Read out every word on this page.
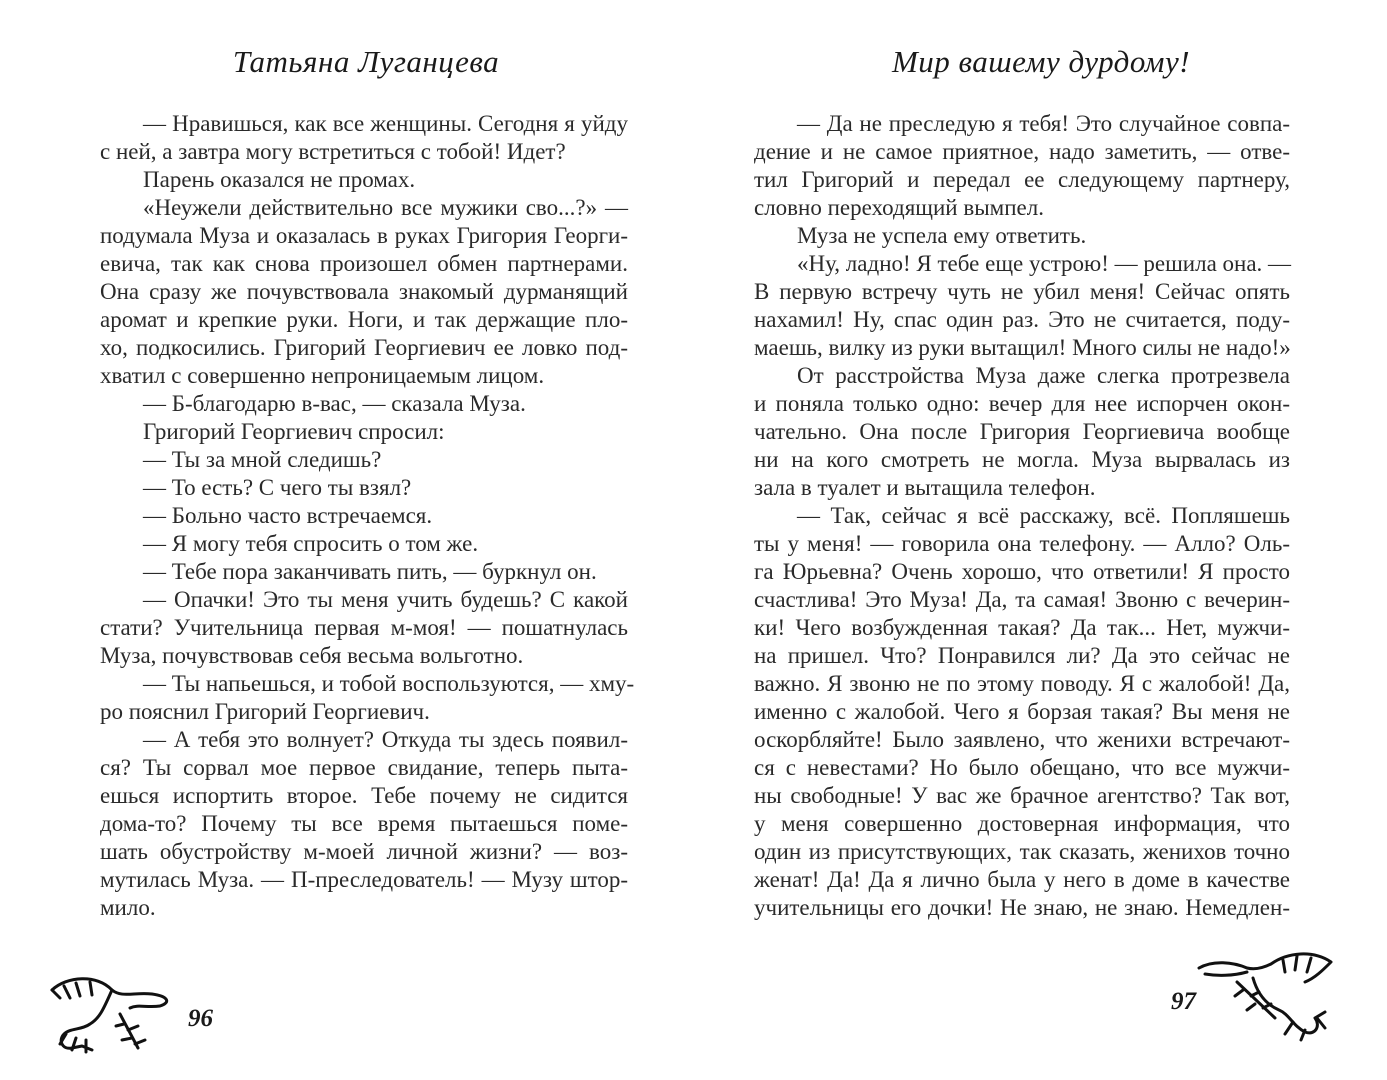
Татьяна Луганцева
— Нравишься, как все женщины. Сегодня я уйду
с ней, а завтра могу встретиться с тобой! Идет?
Парень оказался не промах.
«Неужели действительно все мужики сво...?» —
подумала Муза и оказалась в руках Григория Георги-
евича, так как снова произошел обмен партнерами.
Она сразу же почувствовала знакомый дурманящий
аромат и крепкие руки. Ноги, и так держащие пло-
хо, подкосились. Григорий Георгиевич ее ловко под-
хватил с совершенно непроницаемым лицом.
— Б-благодарю в-вас, — сказала Муза.
Григорий Георгиевич спросил:
— Ты за мной следишь?
— То есть? С чего ты взял?
— Больно часто встречаемся.
— Я могу тебя спросить о том же.
— Тебе пора заканчивать пить, — буркнул он.
— Опачки! Это ты меня учить будешь? С какой
стати? Учительница первая м-моя! — пошатнулась
Муза, почувствовав себя весьма вольготно.
— Ты напьешься, и тобой воспользуются, — хму-
ро пояснил Григорий Георгиевич.
— А тебя это волнует? Откуда ты здесь появил-
ся? Ты сорвал мое первое свидание, теперь пыта-
ешься испортить второе. Тебе почему не сидится
дома-то? Почему ты все время пытаешься поме-
шать обустройству м-моей личной жизни? — воз-
мутилась Муза. — П-преследователь! — Музу штор-
мило.
96
Мир вашему дурдому!
— Да не преследую я тебя! Это случайное совпа-
дение и не самое приятное, надо заметить, — отве-
тил Григорий и передал ее следующему партнеру,
словно переходящий вымпел.
Муза не успела ему ответить.
«Ну, ладно! Я тебе еще устрою! — решила она. —
В первую встречу чуть не убил меня! Сейчас опять
нахамил! Ну, спас один раз. Это не считается, поду-
маешь, вилку из руки вытащил! Много силы не надо!»
От расстройства Муза даже слегка протрезвела
и поняла только одно: вечер для нее испорчен окон-
чательно. Она после Григория Георгиевича вообще
ни на кого смотреть не могла. Муза вырвалась из
зала в туалет и вытащила телефон.
— Так, сейчас я всё расскажу, всё. Попляшешь
ты у меня! — говорила она телефону. — Алло? Оль-
га Юрьевна? Очень хорошо, что ответили! Я просто
счастлива! Это Муза! Да, та самая! Звоню с вечерин-
ки! Чего возбужденная такая? Да так... Нет, мужчи-
на пришел. Что? Понравился ли? Да это сейчас не
важно. Я звоню не по этому поводу. Я с жалобой! Да,
именно с жалобой. Чего я борзая такая? Вы меня не
оскорбляйте! Было заявлено, что женихи встречают-
ся с невестами? Но было обещано, что все мужчи-
ны свободные! У вас же брачное агентство? Так вот,
у меня совершенно достоверная информация, что
один из присутствующих, так сказать, женихов точно
женат! Да! Да я лично была у него в доме в качестве
учительницы его дочки! Не знаю, не знаю. Немедлен-
97
